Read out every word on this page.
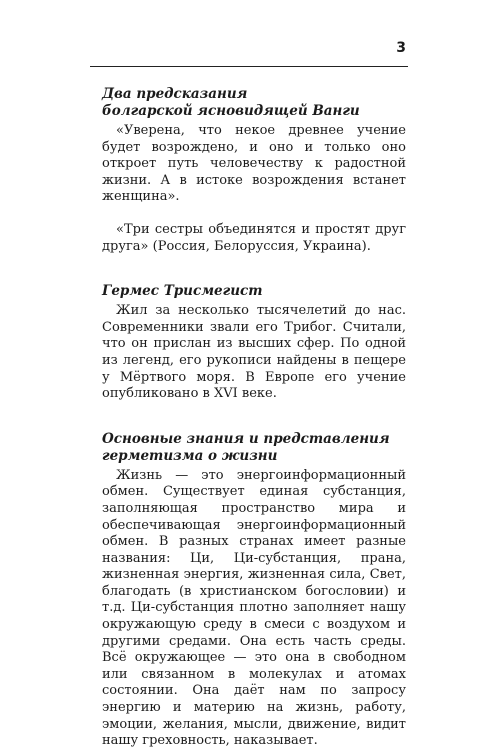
3
Два предсказания
болгарской ясновидящей Ванги

«Уверена, что некое древнее учение будет возрождено, и оно и только оно откроет путь человечеству к радостной жизни. А в истоке возрождения встанет женщина».

«Три сестры объединятся и простят друг друга» (Россия, Белоруссия, Украина).

Гермес Трисмегист

Жил за несколько тысячелетий до нас. Современники звали его Трибог. Считали, что он прислан из высших сфер. По одной из легенд, его рукописи найдены в пещере у Мёртвого моря. В Европе его учение опубликовано в XVI веке.

Основные знания и представления
герметизма о жизни

Жизнь — это энергоинформационный обмен. Существует единая субстанция, заполняющая пространство мира и обеспечивающая энергоинформационный обмен. В разных странах имеет разные названия: Ци, Ци-субстанция, прана, жизненная энергия, жизненная сила, Свет, благодать (в христианском богословии) и т.д. Ци-субстанция плотно заполняет нашу окружающую среду в смеси с воздухом и другими средами. Она есть часть среды. Всё окружающее — это она в свободном или связанном в молекулах и атомах состоянии. Она даёт нам по запросу энергию и материю на жизнь, работу, эмоции, желания, мысли, движение, видит нашу греховность, наказывает.
